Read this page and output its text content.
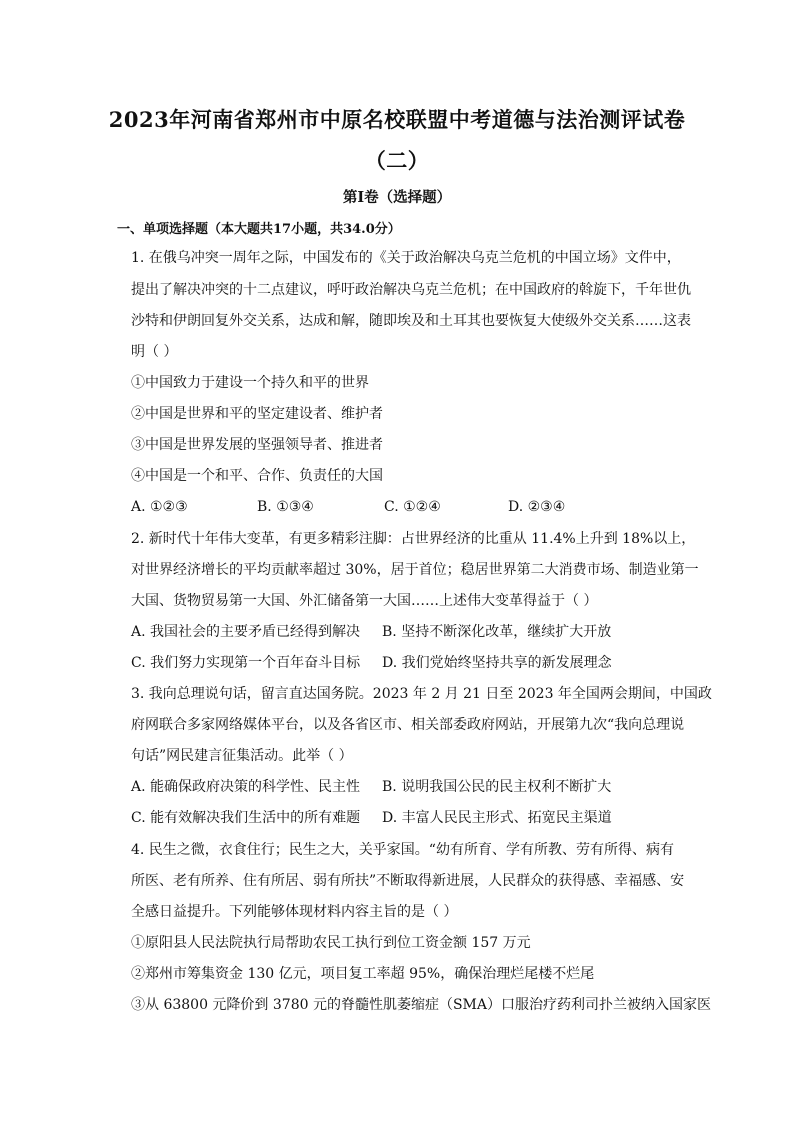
2023年河南省郑州市中原名校联盟中考道德与法治测评试卷
（二）
第Ⅰ卷（选择题）
一、单项选择题（本大题共17小题，共34.0分）
1. 在俄乌冲突一周年之际，中国发布的《关于政治解决乌克兰危机的中国立场》文件中，
提出了解决冲突的十二点建议，呼吁政治解决乌克兰危机；在中国政府的斡旋下，千年世仇
沙特和伊朗回复外交关系，达成和解，随即埃及和土耳其也要恢复大使级外交关系……这表
明（ ）
①中国致力于建设一个持久和平的世界
②中国是世界和平的坚定建设者、维护者
③中国是世界发展的坚强领导者、推进者
④中国是一个和平、合作、负责任的大国
A. ①②③	B. ①③④	C. ①②④	D. ②③④
2. 新时代十年伟大变革，有更多精彩注脚：占世界经济的比重从 11.4%上升到 18%以上，
对世界经济增长的平均贡献率超过 30%，居于首位；稳居世界第二大消费市场、制造业第一
大国、货物贸易第一大国、外汇储备第一大国……上述伟大变革得益于（ ）
A. 我国社会的主要矛盾已经得到解决 B. 坚持不断深化改革，继续扩大开放
C. 我们努力实现第一个百年奋斗目标 D. 我们党始终坚持共享的新发展理念
3. 我向总理说句话，留言直达国务院。2023 年 2 月 21 日至 2023 年全国两会期间，中国政
府网联合多家网络媒体平台，以及各省区市、相关部委政府网站，开展第九次“我向总理说
句话”网民建言征集活动。此举（ ）
A. 能确保政府决策的科学性、民主性 B. 说明我国公民的民主权利不断扩大
C. 能有效解决我们生活中的所有难题 D. 丰富人民民主形式、拓宽民主渠道
4. 民生之微，衣食住行；民生之大，关乎家国。“幼有所育、学有所教、劳有所得、病有
所医、老有所养、住有所居、弱有所扶”不断取得新进展，人民群众的获得感、幸福感、安
全感日益提升。下列能够体现材料内容主旨的是（ ）
①原阳县人民法院执行局帮助农民工执行到位工资金额 157 万元
②郑州市筹集资金 130 亿元，项目复工率超 95%，确保治理烂尾楼不烂尾
③从 63800 元降价到 3780 元的脊髓性肌萎缩症（SMA）口服治疗药利司扑兰被纳入国家医
